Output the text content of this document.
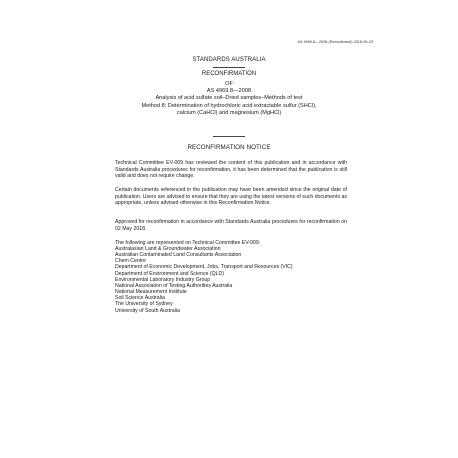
AS 4969.8—2008 (Reconfirmed) 2018-05-23
STANDARDS AUSTRALIA
RECONFIRMATION
OF
AS 4969.8—2008
Analysis of acid sulfate soil–Dried samples–Methods of test
Method 8: Determination of hydrochloric acid extractable sulfur (SHCl),
calcium (CaHCl) and magnesium (MgHCl)
RECONFIRMATION NOTICE

Technical Committee EV-009 has reviewed the content of this publication and in accordance with Standards Australia procedures for reconfirmation, it has been determined that the publication is still valid and does not require change.

Certain documents referenced in the publication may have been amended since the original date of publication. Users are advised to ensure that they are using the latest versions of such documents as appropriate, unless advised otherwise in this Reconfirmation Notice.

Approved for reconfirmation in accordance with Standards Australia procedures for reconfirmation on 02 May 2018.

The following are represented on Technical Committee EV-009:

Australasian Land & Groundwater Association
Australian Contaminated Land Consultants Association
Chem Centre
Department of Economic Development, Jobs, Transport and Resources (VIC)
Department of Environment and Science (QLD)
Environmental Laboratory Industry Group
National Association of Testing Authorities Australia
National Measurement Institute
Soil Science Australia
The University of Sydney
University of South Australia
